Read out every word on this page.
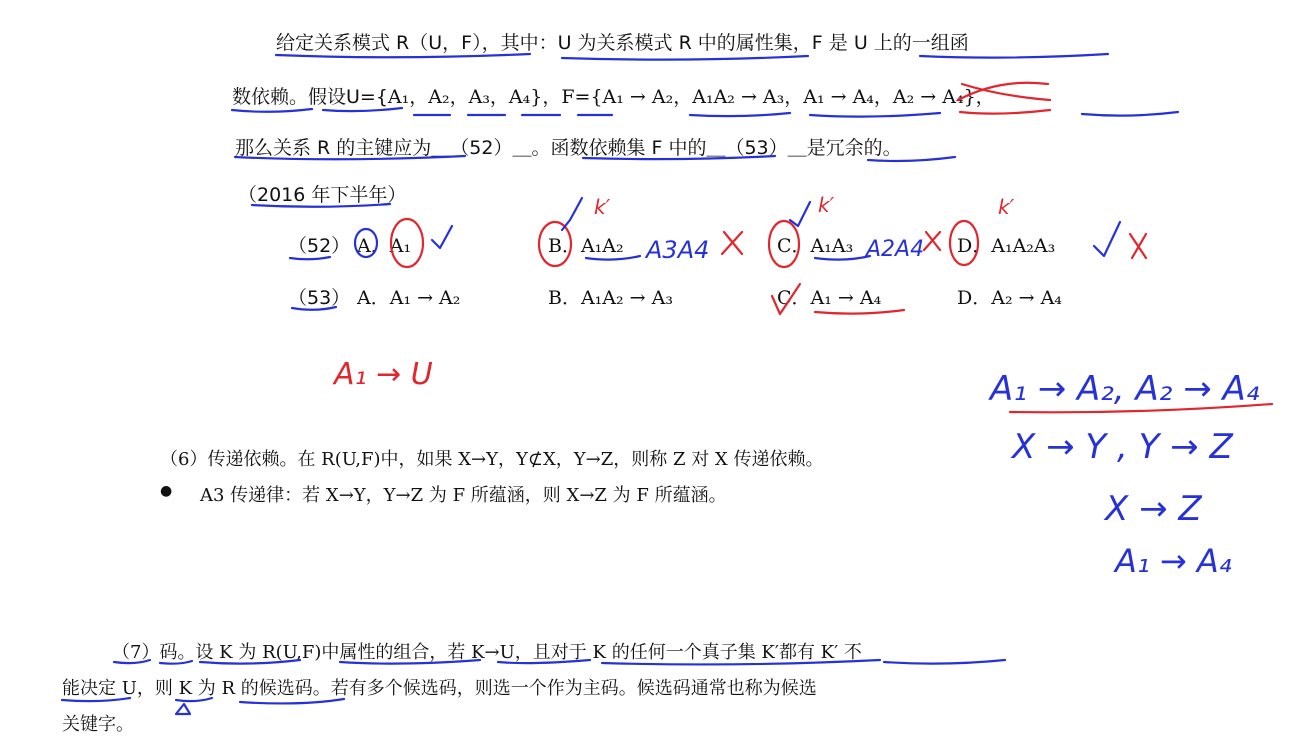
给定关系模式 R（U，F），其中：U 为关系模式 R 中的属性集，F 是 U 上的一组函
数依赖。假设U={A₁，A₂，A₃，A₄}，F={A₁ → A₂，A₁A₂ → A₃，A₁ → A₄，A₂ → A₄}，
那么关系 R 的主键应为＿（52）＿。函数依赖集 F 中的＿（53）＿是冗余的。
（2016 年下半年）
（52） A．A₁	B．A₁A₂	C．A₁A₃	D．A₁A₂A₃
（53） A．A₁ → A₂	B．A₁A₂ → A₃	C．A₁ → A₄	D．A₂ → A₄
（6）传递依赖。在 R(U,F)中，如果 X→Y，Y⊄X，Y→Z，则称 Z 对 X 传递依赖。
● A3 传递律：若 X→Y，Y→Z 为 F 所蕴涵，则 X→Z 为 F 所蕴涵。
（7）码。设 K 为 R(U,F)中属性的组合，若 K→U，且对于 K 的任何一个真子集 K′都有 K′ 不
能决定 U，则 K 为 R 的候选码。若有多个候选码，则选一个作为主码。候选码通常也称为候选
关键字。
k′
A3A4
k′
A2A4
k′
A₁ → U	A₁ → A₂, A₂ → A₄
X → Y , Y → Z
X → Z
A₁ → A₄
